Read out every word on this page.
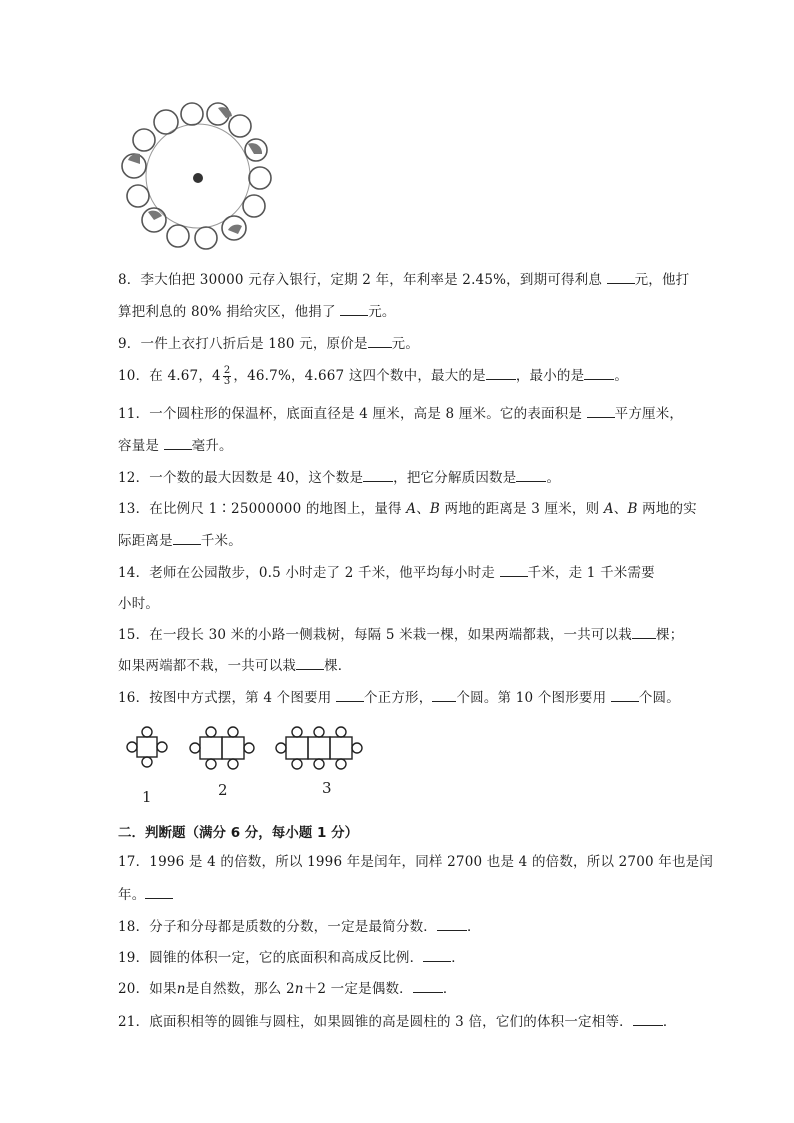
8．李大伯把 30000 元存入银行，定期 2 年，年利率是 2.45%，到期可得利息 元，他打
算把利息的 80% 捐给灾区，他捐了 元。
9．一件上衣打八折后是 180 元，原价是 元。
10．在 4.67，$4 \frac{2}{3}$ ，46.7%，4.667 这四个数中，最大的是 ，最小的是 。
11．一个圆柱形的保温杯，底面直径是 4 厘米，高是 8 厘米。它的表面积是 平方厘米，
容量是 毫升。
12．一个数的最大因数是 40，这个数是 ，把它分解质因数是 。
13．在比例尺 1∶25000000 的地图上，量得 A、B 两地的距离是 3 厘米，则 A、B 两地的实
际距离是 千米。
14．老师在公园散步，0.5 小时走了 2 千米，他平均每小时走 千米，走 1 千米需要
小时。
15．在一段长 30 米的小路一侧栽树，每隔 5 米栽一棵，如果两端都栽，一共可以栽 棵；
如果两端都不栽，一共可以栽 棵．
16．按图中方式摆，第 4 个图要用 个正方形， 个圆。第 10 个图形要用 个圆。
1	2	3
二．判断题（满分 6 分，每小题 1 分）
17．1996 是 4 的倍数，所以 1996 年是闰年，同样 2700 也是 4 的倍数，所以 2700 年也是闰
年。
18．分子和分母都是质数的分数，一定是最简分数． ．
19．圆锥的体积一定，它的底面积和高成反比例． ．
20．如果n是自然数，那么 2n＋2 一定是偶数． ．
21．底面积相等的圆锥与圆柱，如果圆锥的高是圆柱的 3 倍，它们的体积一定相等． ．
